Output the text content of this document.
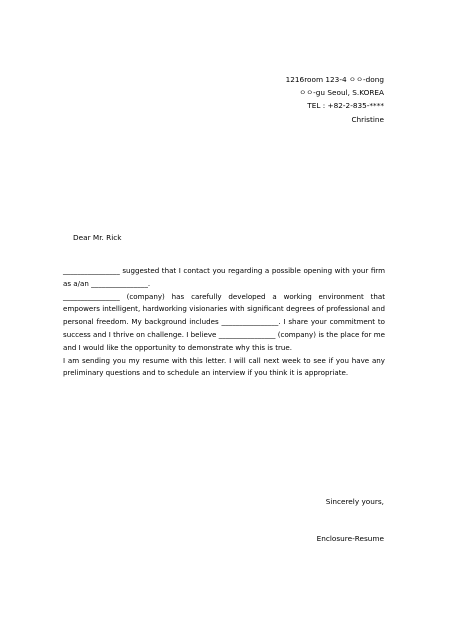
1216room 123-4 ㅇㅇ-dong
ㅇㅇ-gu Seoul, S.KOREA
TEL : +82-2-835-****
Christine
Dear Mr. Rick

________________ suggested that I contact you regarding a possible opening with your firm as a/an ________________.

________________ (company) has carefully developed a working environment that empowers intelligent, hardworking visionaries with significant degrees of professional and personal freedom. My background includes ________________. I share your commitment to success and I thrive on challenge. I believe ________________ (company) is the place for me and I would like the opportunity to demonstrate why this is true.

I am sending you my resume with this letter. I will call next week to see if you have any preliminary questions and to schedule an interview if you think it is appropriate.

Sincerely yours,
Enclosure-Resume
